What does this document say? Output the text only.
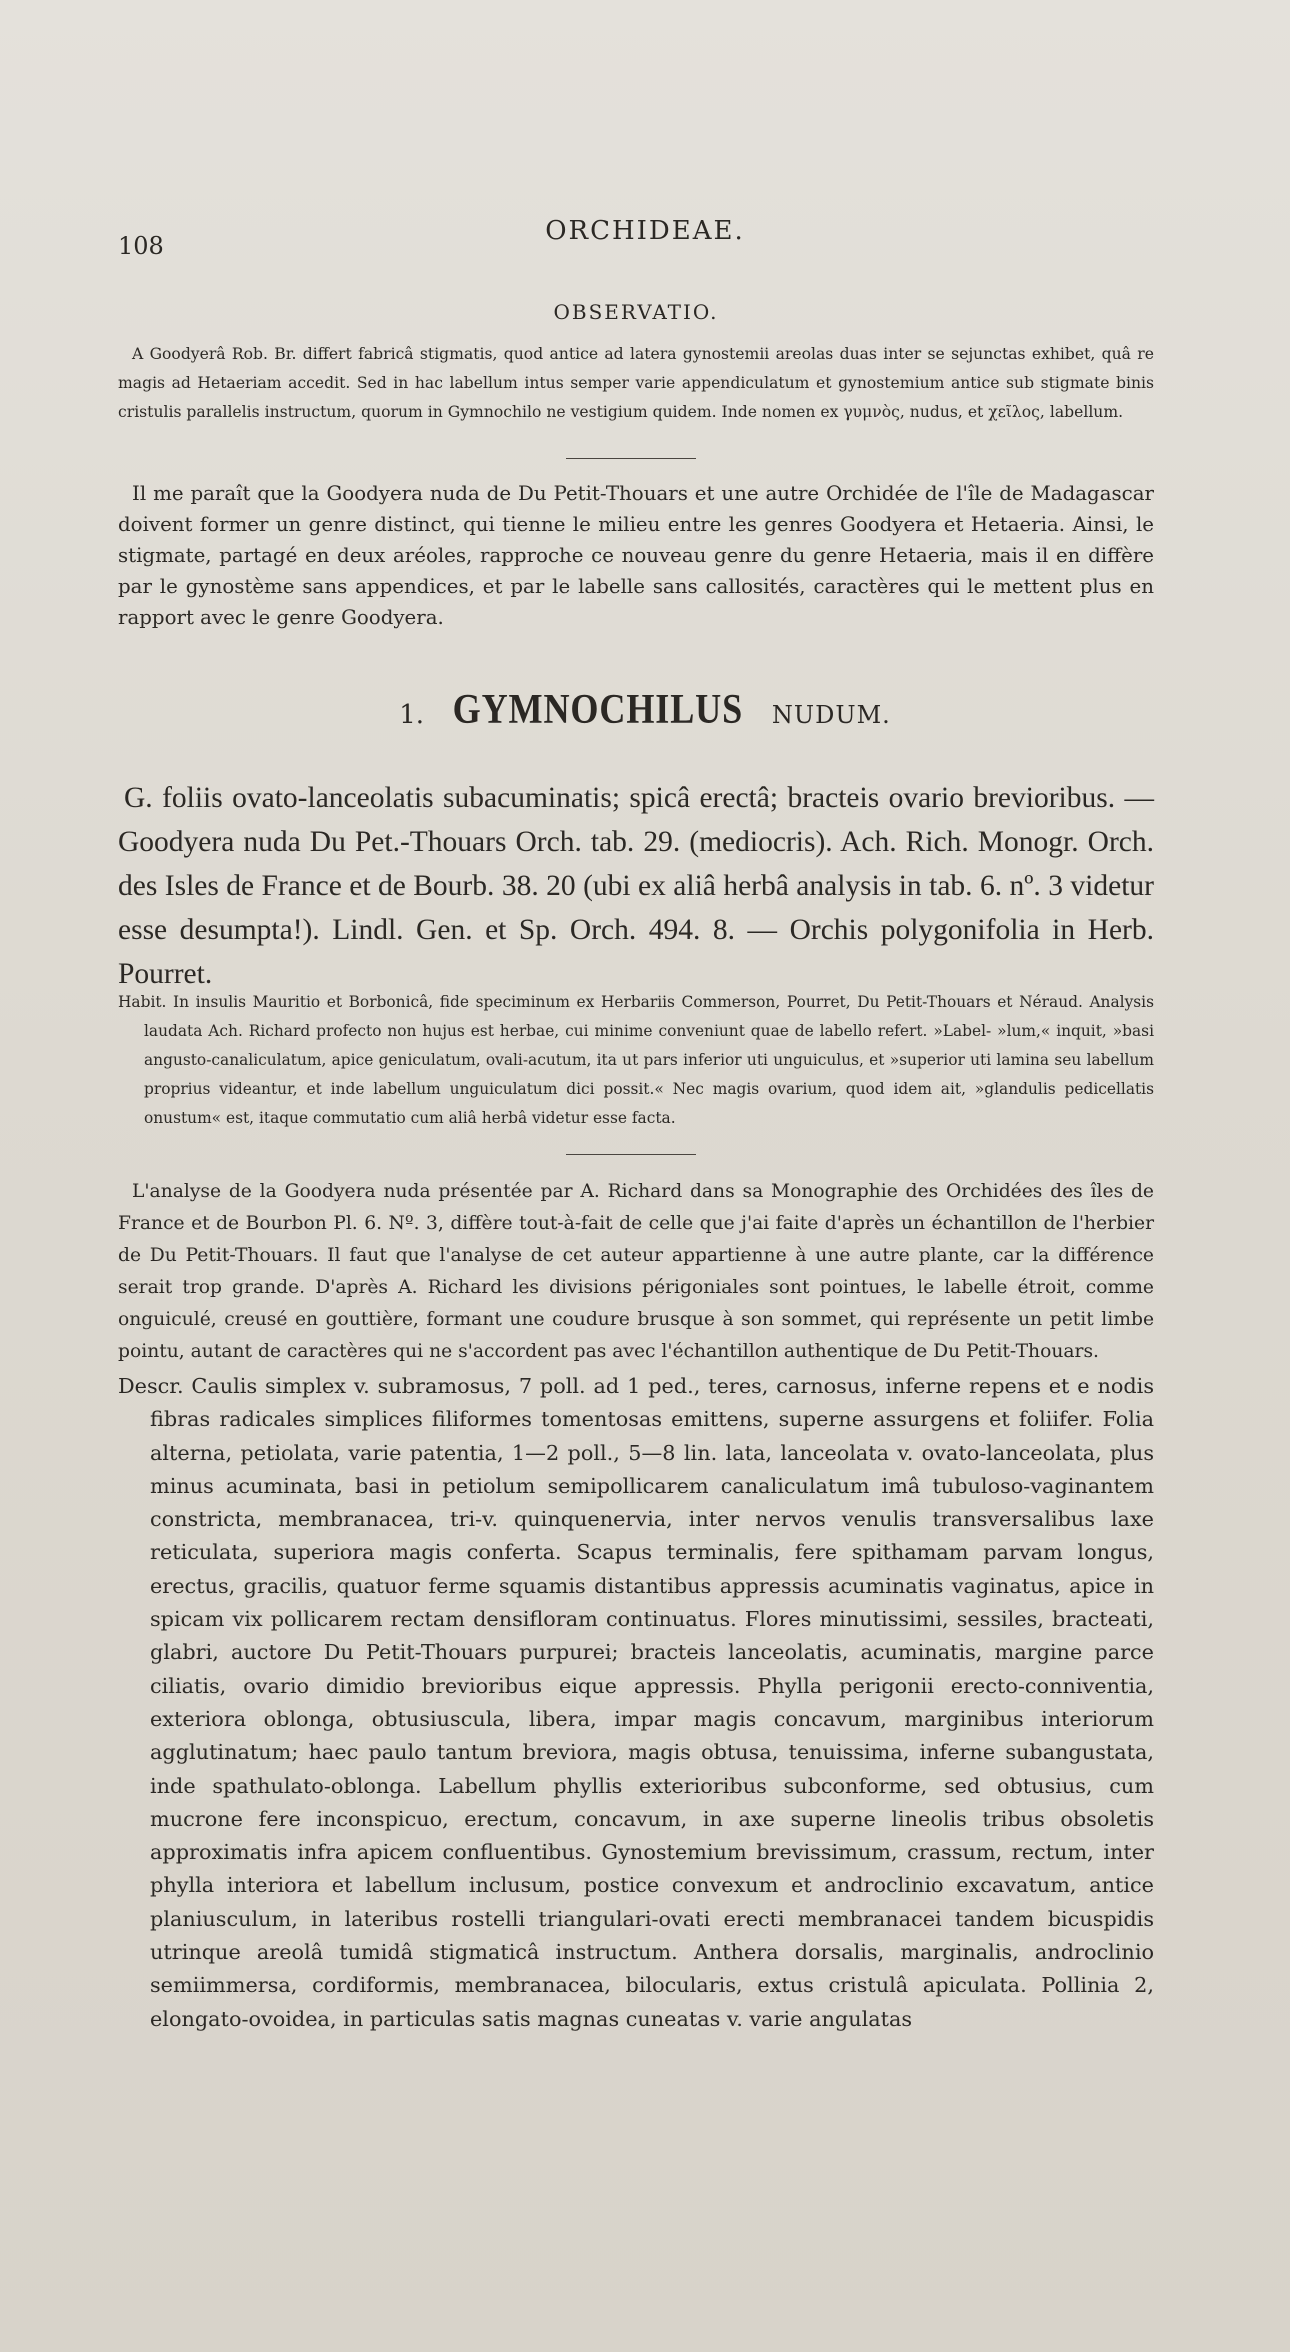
108	ORCHIDEAE.
OBSERVATIO.
A Goodyerâ Rob. Br. differt fabricâ stigmatis, quod antice ad latera gynostemii areolas duas inter se sejunctas exhibet, quâ re magis ad Hetaeriam accedit. Sed in hac labellum intus semper varie appendiculatum et gynostemium antice sub stigmate binis cristulis parallelis instructum, quorum in Gymnochilo ne vestigium quidem. Inde nomen ex γυμνὸς, nudus, et χεῖλος, labellum.
Il me paraît que la Goodyera nuda de Du Petit-Thouars et une autre Orchidée de l'île de Madagascar doivent former un genre distinct, qui tienne le milieu entre les genres Goodyera et Hetaeria. Ainsi, le stigmate, partagé en deux aréoles, rapproche ce nouveau genre du genre Hetaeria, mais il en diffère par le gynostème sans appendices, et par le labelle sans callosités, caractères qui le mettent plus en rapport avec le genre Goodyera.
1. GYMNOCHILUS NUDUM.
G. foliis ovato-lanceolatis subacuminatis; spicâ erectâ; bracteis ovario brevioribus. — Goodyera nuda Du Pet.-Thouars Orch. tab. 29. (mediocris). Ach. Rich. Monogr. Orch. des Isles de France et de Bourb. 38. 20 (ubi ex aliâ herbâ analysis in tab. 6. nº. 3 videtur esse desumpta!). Lindl. Gen. et Sp. Orch. 494. 8. — Orchis polygonifolia in Herb. Pourret.
Habit. In insulis Mauritio et Borbonicâ, fide speciminum ex Herbariis Commerson, Pourret, Du Petit-Thouars et Néraud. Analysis laudata Ach. Richard profecto non hujus est herbae, cui minime conveniunt quae de labello refert. »Label- »lum,« inquit, »basi angusto-canaliculatum, apice geniculatum, ovali-acutum, ita ut pars inferior uti unguiculus, et »superior uti lamina seu labellum proprius videantur, et inde labellum unguiculatum dici possit.« Nec magis ovarium, quod idem ait, »glandulis pedicellatis onustum« est, itaque commutatio cum aliâ herbâ videtur esse facta.
L'analyse de la Goodyera nuda présentée par A. Richard dans sa Monographie des Orchidées des îles de France et de Bourbon Pl. 6. Nº. 3, diffère tout-à-fait de celle que j'ai faite d'après un échantillon de l'herbier de Du Petit-Thouars. Il faut que l'analyse de cet auteur appartienne à une autre plante, car la différence serait trop grande. D'après A. Richard les divisions périgoniales sont pointues, le labelle étroit, comme onguiculé, creusé en gouttière, formant une coudure brusque à son sommet, qui représente un petit limbe pointu, autant de caractères qui ne s'accordent pas avec l'échantillon authentique de Du Petit-Thouars.
Descr. Caulis simplex v. subramosus, 7 poll. ad 1 ped., teres, carnosus, inferne repens et e nodis fibras radicales simplices filiformes tomentosas emittens, superne assurgens et foliifer. Folia alterna, petiolata, varie patentia, 1—2 poll., 5—8 lin. lata, lanceolata v. ovato-lanceolata, plus minus acuminata, basi in petiolum semipollicarem canaliculatum imâ tubuloso-vaginantem constricta, membranacea, tri-v. quinquenervia, inter nervos venulis transversalibus laxe reticulata, superiora magis conferta. Scapus terminalis, fere spithamam parvam longus, erectus, gracilis, quatuor ferme squamis distantibus appressis acuminatis vaginatus, apice in spicam vix pollicarem rectam densifloram continuatus. Flores minutissimi, sessiles, bracteati, glabri, auctore Du Petit-Thouars purpurei; bracteis lanceolatis, acuminatis, margine parce ciliatis, ovario dimidio brevioribus eique appressis. Phylla perigonii erecto-conniventia, exteriora oblonga, obtusiuscula, libera, impar magis concavum, marginibus interiorum agglutinatum; haec paulo tantum breviora, magis obtusa, tenuissima, inferne subangustata, inde spathulato-oblonga. Labellum phyllis exterioribus subconforme, sed obtusius, cum mucrone fere inconspicuo, erectum, concavum, in axe superne lineolis tribus obsoletis approximatis infra apicem confluentibus. Gynostemium brevissimum, crassum, rectum, inter phylla interiora et labellum inclusum, postice convexum et androclinio excavatum, antice planiusculum, in lateribus rostelli triangulari-ovati erecti membranacei tandem bicuspidis utrinque areolâ tumidâ stigmaticâ instructum. Anthera dorsalis, marginalis, androclinio semiimmersa, cordiformis, membranacea, bilocularis, extus cristulâ apiculata. Pollinia 2, elongato-ovoidea, in particulas satis magnas cuneatas v. varie angulatas
